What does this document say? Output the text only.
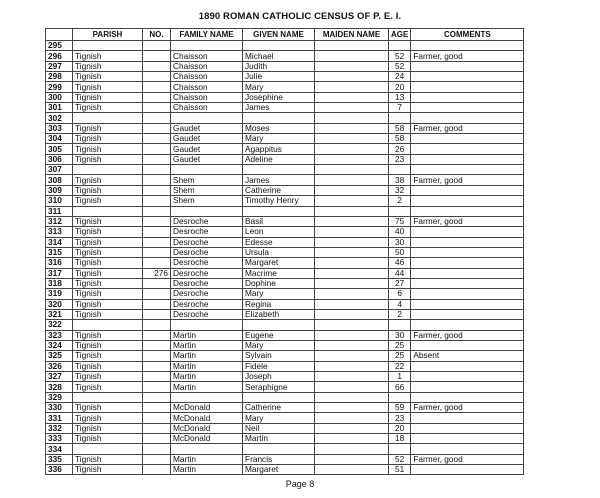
1890 ROMAN CATHOLIC CENSUS OF P. E. I.
	PARISH	NO.	FAMILY NAME	GIVEN NAME	MAIDEN NAME	AGE	COMMENTS
295							
296	Tignish		Chaisson	Michael		52	Farmer, good
297	Tignish		Chaisson	Judith		52	
298	Tignish		Chaisson	Julie		24	
299	Tignish		Chaisson	Mary		20	
300	Tignish		Chaisson	Josephine		13	
301	Tignish		Chaisson	James		7	
302							
303	Tignish		Gaudet	Moses		58	Farmer, good
304	Tignish		Gaudet	Mary		58	
305	Tignish		Gaudet	Agappitus		26	
306	Tignish		Gaudet	Adeline		23	
307							
308	Tignish		Shem	James		38	Farmer, good
309	Tignish		Shem	Catherine		32	
310	Tignish		Shem	Timothy Henry		2	
311							
312	Tignish		Desroche	Basil		75	Farmer, good
313	Tignish		Desroche	Leon		40	
314	Tignish		Desroche	Edesse		30	
315	Tignish		Desroche	Ursula		50	
316	Tignish		Desroche	Margaret		46	
317	Tignish	276	Desroche	Macrime		44	
318	Tignish		Desroche	Dophine		27	
319	Tignish		Desroche	Mary		6	
320	Tignish		Desroche	Regina		4	
321	Tignish		Desroche	Elizabeth		2	
322							
323	Tignish		Martin	Eugene		30	Farmer, good
324	Tignish		Martin	Mary		25	
325	Tignish		Martin	Sylvain		25	Absent
326	Tignish		Martin	Fidele		22	
327	Tignish		Martin	Joseph		1	
328	Tignish		Martin	Seraphigne		66	
329							
330	Tignish		McDonald	Catherine		59	Farmer, good
331	Tignish		McDonald	Mary		23	
332	Tignish		McDonald	Neil		20	
333	Tignish		McDonald	Martin		18	
334							
335	Tignish		Martin	Francis		52	Farmer, good
336	Tignish		Martin	Margaret		51	
Page 8
